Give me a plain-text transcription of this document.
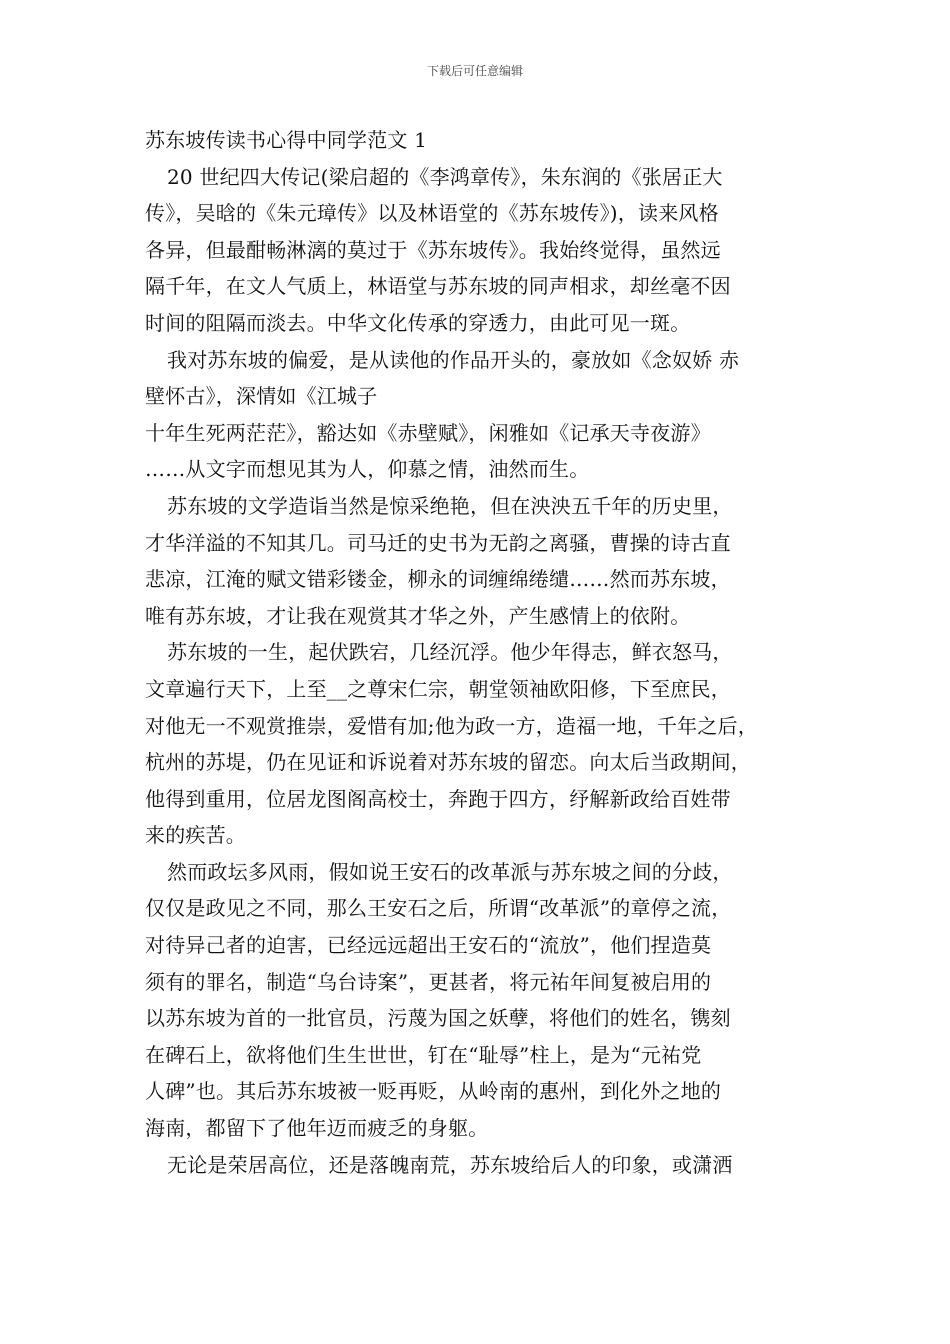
下载后可任意编辑
苏东坡传读书心得中同学范文 1
20 世纪四大传记(梁启超的《李鸿章传》，朱东润的《张居正大
传》，吴晗的《朱元璋传》以及林语堂的《苏东坡传》)，读来风格
各异，但最酣畅淋漓的莫过于《苏东坡传》。我始终觉得，虽然远
隔千年，在文人气质上，林语堂与苏东坡的同声相求，却丝毫不因
时间的阻隔而淡去。中华文化传承的穿透力，由此可见一斑。
我对苏东坡的偏爱，是从读他的作品开头的，豪放如《念奴娇 赤
壁怀古》，深情如《江城子
十年生死两茫茫》，豁达如《赤壁赋》，闲雅如《记承天寺夜游》
……从文字而想见其为人，仰慕之情，油然而生。
苏东坡的文学造诣当然是惊采绝艳，但在泱泱五千年的历史里，
才华洋溢的不知其几。司马迁的史书为无韵之离骚，曹操的诗古直
悲凉，江淹的赋文错彩镂金，柳永的词缠绵绻缱……然而苏东坡，
唯有苏东坡，才让我在观赏其才华之外，产生感情上的依附。
苏东坡的一生，起伏跌宕，几经沉浮。他少年得志，鲜衣怒马，
文章遍行天下，上至__之尊宋仁宗，朝堂领袖欧阳修，下至庶民，
对他无一不观赏推崇，爱惜有加;他为政一方，造福一地，千年之后，
杭州的苏堤，仍在见证和诉说着对苏东坡的留恋。向太后当政期间，
他得到重用，位居龙图阁高校士，奔跑于四方，纾解新政给百姓带
来的疾苦。
然而政坛多风雨，假如说王安石的改革派与苏东坡之间的分歧，
仅仅是政见之不同，那么王安石之后，所谓“改革派”的章停之流，
对待异己者的迫害，已经远远超出王安石的“流放”，他们捏造莫
须有的罪名，制造“乌台诗案”，更甚者，将元祐年间复被启用的
以苏东坡为首的一批官员，污蔑为国之妖孽，将他们的姓名，镌刻
在碑石上，欲将他们生生世世，钉在“耻辱”柱上，是为“元祐党
人碑”也。其后苏东坡被一贬再贬，从岭南的惠州，到化外之地的
海南，都留下了他年迈而疲乏的身躯。
无论是荣居高位，还是落魄南荒，苏东坡给后人的印象，或潇洒
